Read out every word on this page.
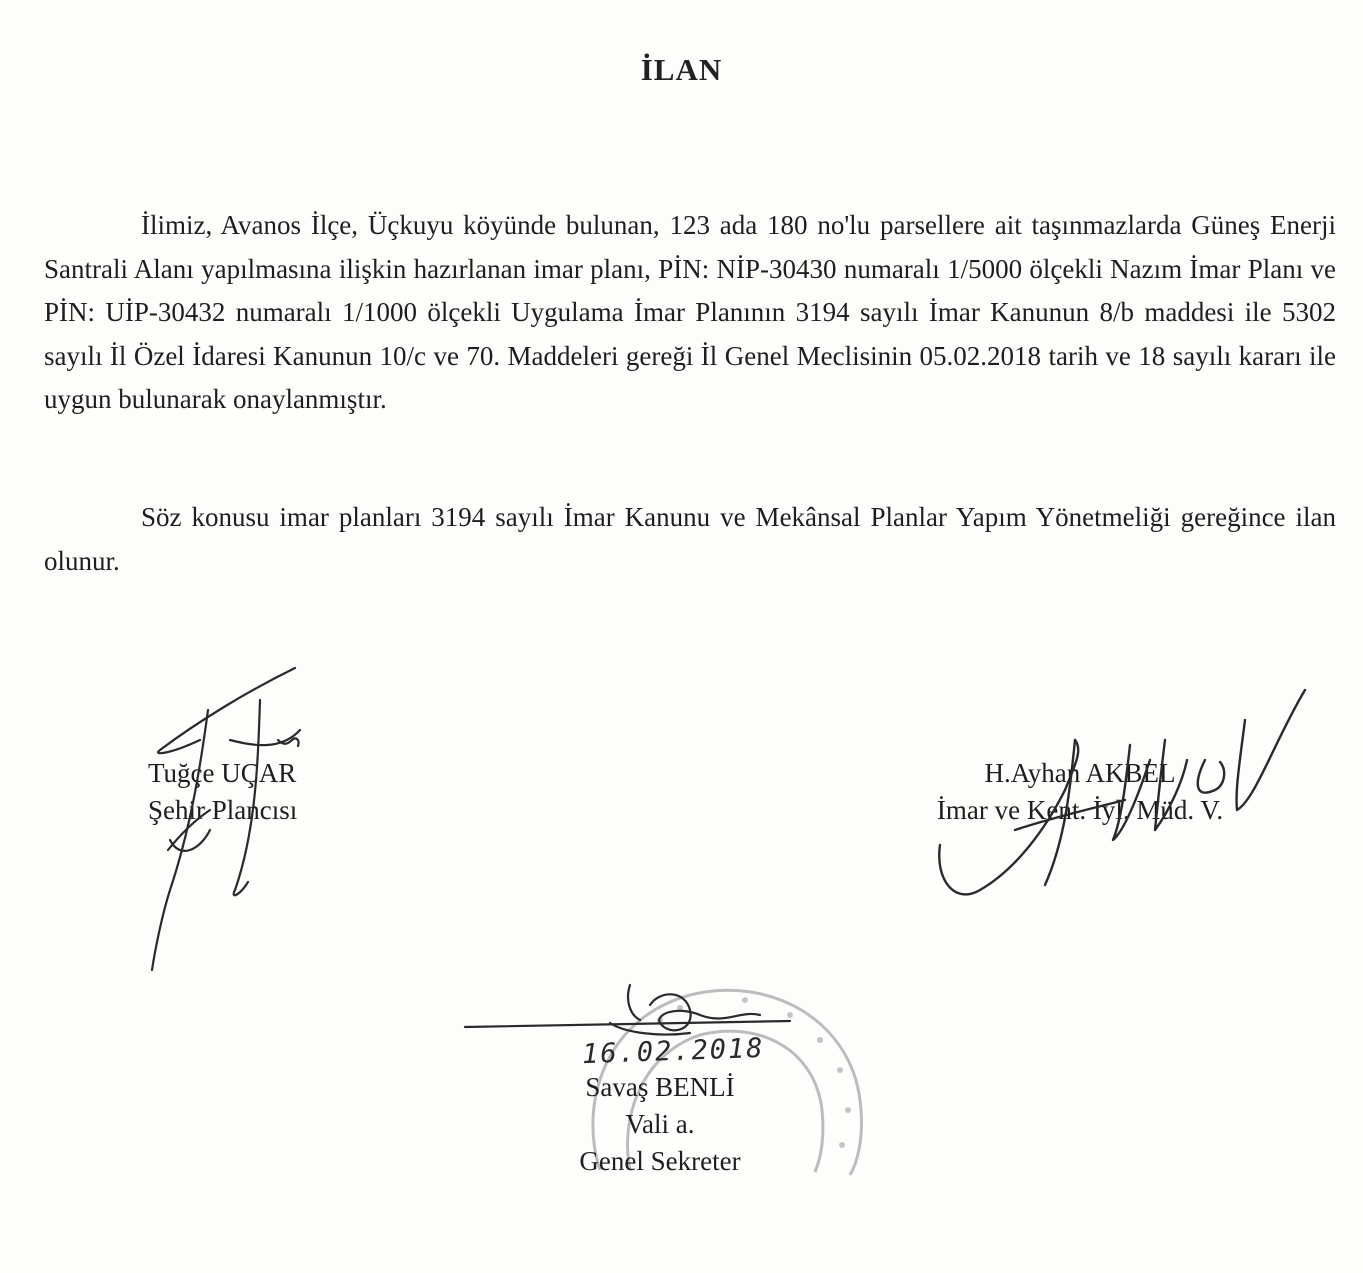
İLAN

İlimiz, Avanos İlçe, Üçkuyu köyünde bulunan, 123 ada 180 no'lu parsellere ait taşınmazlarda Güneş Enerji Santrali Alanı yapılmasına ilişkin hazırlanan imar planı, PİN: NİP-30430 numaralı 1/5000 ölçekli Nazım İmar Planı ve PİN: UİP-30432 numaralı 1/1000 ölçekli Uygulama İmar Planının 3194 sayılı İmar Kanunun 8/b maddesi ile 5302 sayılı İl Özel İdaresi Kanunun 10/c ve 70. Maddeleri gereği İl Genel Meclisinin 05.02.2018 tarih ve 18 sayılı kararı ile uygun bulunarak onaylanmıştır.

Söz konusu imar planları 3194 sayılı İmar Kanunu ve Mekânsal Planlar Yapım Yönetmeliği gereğince ilan olunur.

Tuğçe UÇAR
Şehir Plancısı
H.Ayhan AKBEL
İmar ve Kent. İyl. Müd. V.
16.02.2018
Savaş BENLİ
Vali a.
Genel Sekreter
